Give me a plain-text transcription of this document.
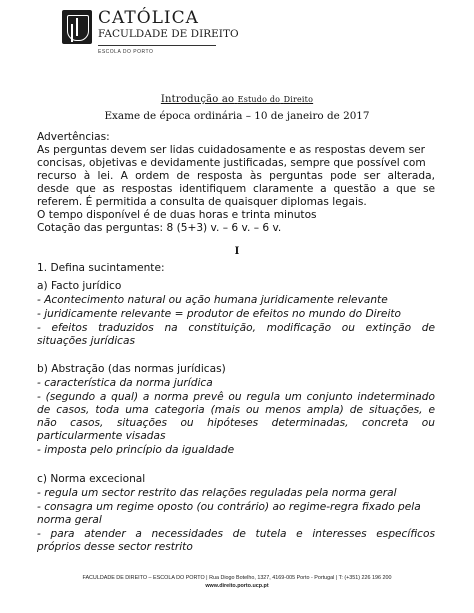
CATÓLICA
FACULDADE DE DIREITO
ESCOLA DO PORTO
Introdução ao Estudo do Direito
Exame de época ordinária – 10 de janeiro de 2017
Advertências:
As perguntas devem ser lidas cuidadosamente e as respostas devem ser
concisas, objetivas e devidamente justificadas, sempre que possível com
recurso à lei. A ordem de resposta às perguntas pode ser alterada,
desde que as respostas identifiquem claramente a questão a que se
referem. É permitida a consulta de quaisquer diplomas legais.
O tempo disponível é de duas horas e trinta minutos
Cotação das perguntas: 8 (5+3) v. – 6 v. – 6 v.
I
1. Defina sucintamente:
a) Facto jurídico
- Acontecimento natural ou ação humana juridicamente relevante
- juridicamente relevante = produtor de efeitos no mundo do Direito
- efeitos traduzidos na constituição, modificação ou extinção de
situações jurídicas
b) Abstração (das normas jurídicas)
- característica da norma jurídica
- (segundo a qual) a norma prevê ou regula um conjunto indeterminado
de casos, toda uma categoria (mais ou menos ampla) de situações, e
não casos, situações ou hipóteses determinadas, concreta ou
particularmente visadas
- imposta pelo princípio da igualdade
c) Norma excecional
- regula um sector restrito das relações reguladas pela norma geral
- consagra um regime oposto (ou contrário) ao regime-regra fixado pela
norma geral
- para atender a necessidades de tutela e interesses específicos
próprios desse sector restrito
FACULDADE DE DIREITO – ESCOLA DO PORTO | Rua Diogo Botelho, 1327, 4169-005 Porto - Portugal | T: (+351) 226 196 200
www.direito.porto.ucp.pt
